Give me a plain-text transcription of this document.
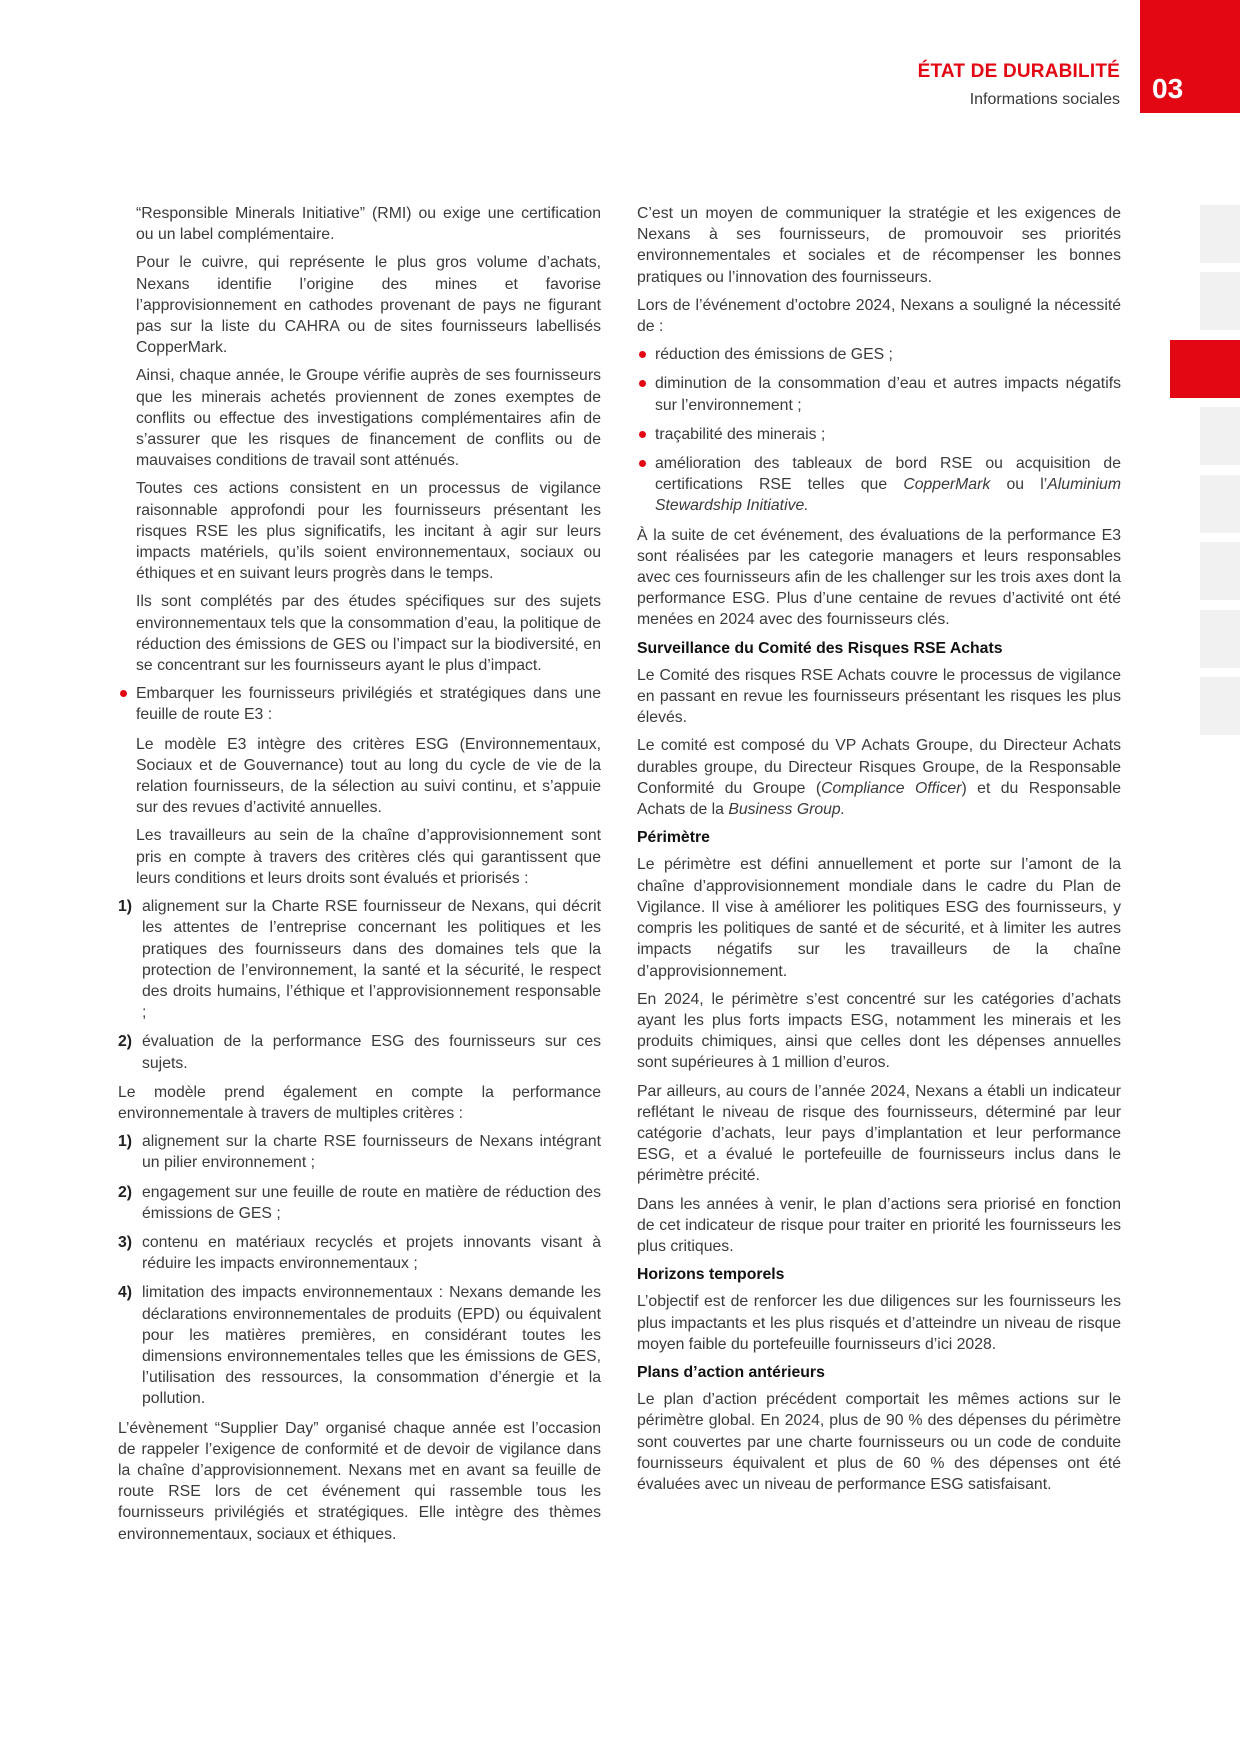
ÉTAT DE DURABILITÉ
Informations sociales 03

“Responsible Minerals Initiative” (RMI) ou exige une certification ou un label complémentaire.

Pour le cuivre, qui représente le plus gros volume d’achats, Nexans identifie l’origine des mines et favorise l’approvisionnement en cathodes provenant de pays ne figurant pas sur la liste du CAHRA ou de sites fournisseurs labellisés CopperMark.

Ainsi, chaque année, le Groupe vérifie auprès de ses fournisseurs que les minerais achetés proviennent de zones exemptes de conflits ou effectue des investigations complémentaires afin de s’assurer que les risques de financement de conflits ou de mauvaises conditions de travail sont atténués.

Toutes ces actions consistent en un processus de vigilance raisonnable approfondi pour les fournisseurs présentant les risques RSE les plus significatifs, les incitant à agir sur leurs impacts matériels, qu’ils soient environnementaux, sociaux ou éthiques et en suivant leurs progrès dans le temps.

Ils sont complétés par des études spécifiques sur des sujets environnementaux tels que la consommation d’eau, la politique de réduction des émissions de GES ou l’impact sur la biodiversité, en se concentrant sur les fournisseurs ayant le plus d’impact.

Embarquer les fournisseurs privilégiés et stratégiques dans une feuille de route E3 :

Le modèle E3 intègre des critères ESG (Environnementaux, Sociaux et de Gouvernance) tout au long du cycle de vie de la relation fournisseurs, de la sélection au suivi continu, et s’appuie sur des revues d’activité annuelles.

Les travailleurs au sein de la chaîne d’approvisionnement sont pris en compte à travers des critères clés qui garantissent que leurs conditions et leurs droits sont évalués et priorisés :

1) alignement sur la Charte RSE fournisseur de Nexans, qui décrit les attentes de l’entreprise concernant les politiques et les pratiques des fournisseurs dans des domaines tels que la protection de l’environnement, la santé et la sécurité, le respect des droits humains, l’éthique et l’approvisionnement responsable ;
2) évaluation de la performance ESG des fournisseurs sur ces sujets.

Le modèle prend également en compte la performance environnementale à travers de multiples critères :

1) alignement sur la charte RSE fournisseurs de Nexans intégrant un pilier environnement ;
2) engagement sur une feuille de route en matière de réduction des émissions de GES ;
3) contenu en matériaux recyclés et projets innovants visant à réduire les impacts environnementaux ;
4) limitation des impacts environnementaux : Nexans demande les déclarations environnementales de produits (EPD) ou équivalent pour les matières premières, en considérant toutes les dimensions environnementales telles que les émissions de GES, l’utilisation des ressources, la consommation d’énergie et la pollution.

L’évènement “Supplier Day” organisé chaque année est l’occasion de rappeler l’exigence de conformité et de devoir de vigilance dans la chaîne d’approvisionnement. Nexans met en avant sa feuille de route RSE lors de cet événement qui rassemble tous les fournisseurs privilégiés et stratégiques. Elle intègre des thèmes environnementaux, sociaux et éthiques.

C’est un moyen de communiquer la stratégie et les exigences de Nexans à ses fournisseurs, de promouvoir ses priorités environnementales et sociales et de récompenser les bonnes pratiques ou l’innovation des fournisseurs.

Lors de l’événement d’octobre 2024, Nexans a souligné la nécessité de :

réduction des émissions de GES ;
diminution de la consommation d’eau et autres impacts négatifs sur l’environnement ;
traçabilité des minerais ;
amélioration des tableaux de bord RSE ou acquisition de certifications RSE telles que CopperMark ou l’Aluminium Stewardship Initiative.

À la suite de cet événement, des évaluations de la performance E3 sont réalisées par les categorie managers et leurs responsables avec ces fournisseurs afin de les challenger sur les trois axes dont la performance ESG. Plus d’une centaine de revues d’activité ont été menées en 2024 avec des fournisseurs clés.

Surveillance du Comité des Risques RSE Achats

Le Comité des risques RSE Achats couvre le processus de vigilance en passant en revue les fournisseurs présentant les risques les plus élevés.

Le comité est composé du VP Achats Groupe, du Directeur Achats durables groupe, du Directeur Risques Groupe, de la Responsable Conformité du Groupe (Compliance Officer) et du Responsable Achats de la Business Group.

Périmètre

Le périmètre est défini annuellement et porte sur l’amont de la chaîne d’approvisionnement mondiale dans le cadre du Plan de Vigilance. Il vise à améliorer les politiques ESG des fournisseurs, y compris les politiques de santé et de sécurité, et à limiter les autres impacts négatifs sur les travailleurs de la chaîne d’approvisionnement.

En 2024, le périmètre s’est concentré sur les catégories d’achats ayant les plus forts impacts ESG, notamment les minerais et les produits chimiques, ainsi que celles dont les dépenses annuelles sont supérieures à 1 million d’euros.

Par ailleurs, au cours de l’année 2024, Nexans a établi un indicateur reflétant le niveau de risque des fournisseurs, déterminé par leur catégorie d’achats, leur pays d’implantation et leur performance ESG, et a évalué le portefeuille de fournisseurs inclus dans le périmètre précité.

Dans les années à venir, le plan d’actions sera priorisé en fonction de cet indicateur de risque pour traiter en priorité les fournisseurs les plus critiques.

Horizons temporels

L’objectif est de renforcer les due diligences sur les fournisseurs les plus impactants et les plus risqués et d’atteindre un niveau de risque moyen faible du portefeuille fournisseurs d’ici 2028.

Plans d’action antérieurs

Le plan d’action précédent comportait les mêmes actions sur le périmètre global. En 2024, plus de 90 % des dépenses du périmètre sont couvertes par une charte fournisseurs ou un code de conduite fournisseurs équivalent et plus de 60 % des dépenses ont été évaluées avec un niveau de performance ESG satisfaisant.
